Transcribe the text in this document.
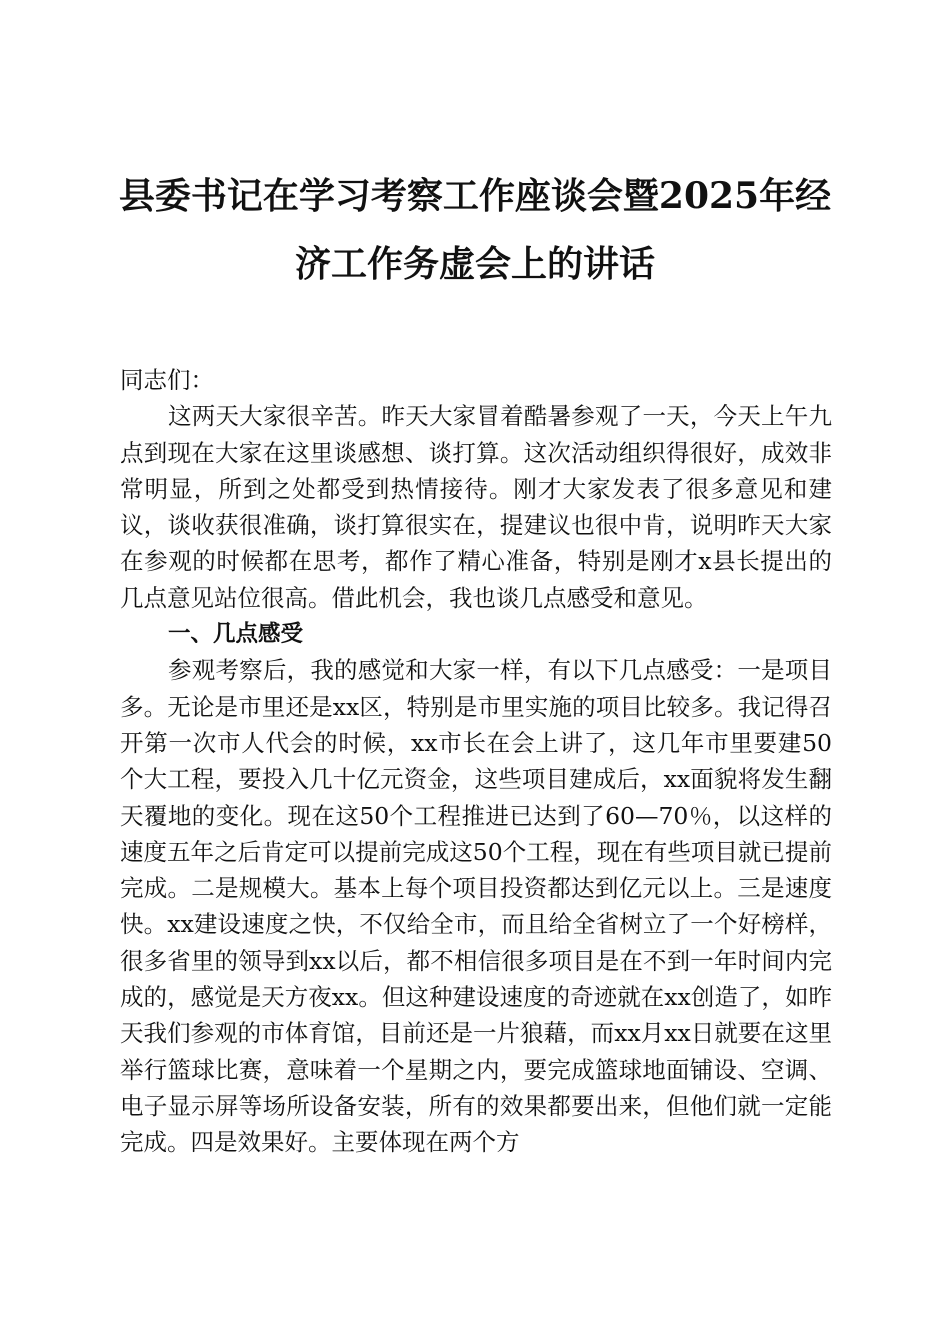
县委书记在学习考察工作座谈会暨2025年经
济工作务虚会上的讲话

同志们：

这两天大家很辛苦。昨天大家冒着酷暑参观了一天，今天上午九点到现在大家在这里谈感想、谈打算。这次活动组织得很好，成效非常明显，所到之处都受到热情接待。刚才大家发表了很多意见和建议，谈收获很准确，谈打算很实在，提建议也很中肯，说明昨天大家在参观的时候都在思考，都作了精心准备，特别是刚才x县长提出的几点意见站位很高。借此机会，我也谈几点感受和意见。

一、几点感受

参观考察后，我的感觉和大家一样，有以下几点感受：一是项目多。无论是市里还是xx区，特别是市里实施的项目比较多。我记得召开第一次市人代会的时候，xx市长在会上讲了，这几年市里要建50个大工程，要投入几十亿元资金，这些项目建成后，xx面貌将发生翻天覆地的变化。现在这50个工程推进已达到了60—70％，以这样的速度五年之后肯定可以提前完成这50个工程，现在有些项目就已提前完成。二是规模大。基本上每个项目投资都达到亿元以上。三是速度快。xx建设速度之快，不仅给全市，而且给全省树立了一个好榜样，很多省里的领导到xx以后，都不相信很多项目是在不到一年时间内完成的，感觉是天方夜xx。但这种建设速度的奇迹就在xx创造了，如昨天我们参观的市体育馆，目前还是一片狼藉，而xx月xx日就要在这里举行篮球比赛，意味着一个星期之内，要完成篮球地面铺设、空调、电子显示屏等场所设备安装，所有的效果都要出来，但他们就一定能完成。四是效果好。主要体现在两个方
